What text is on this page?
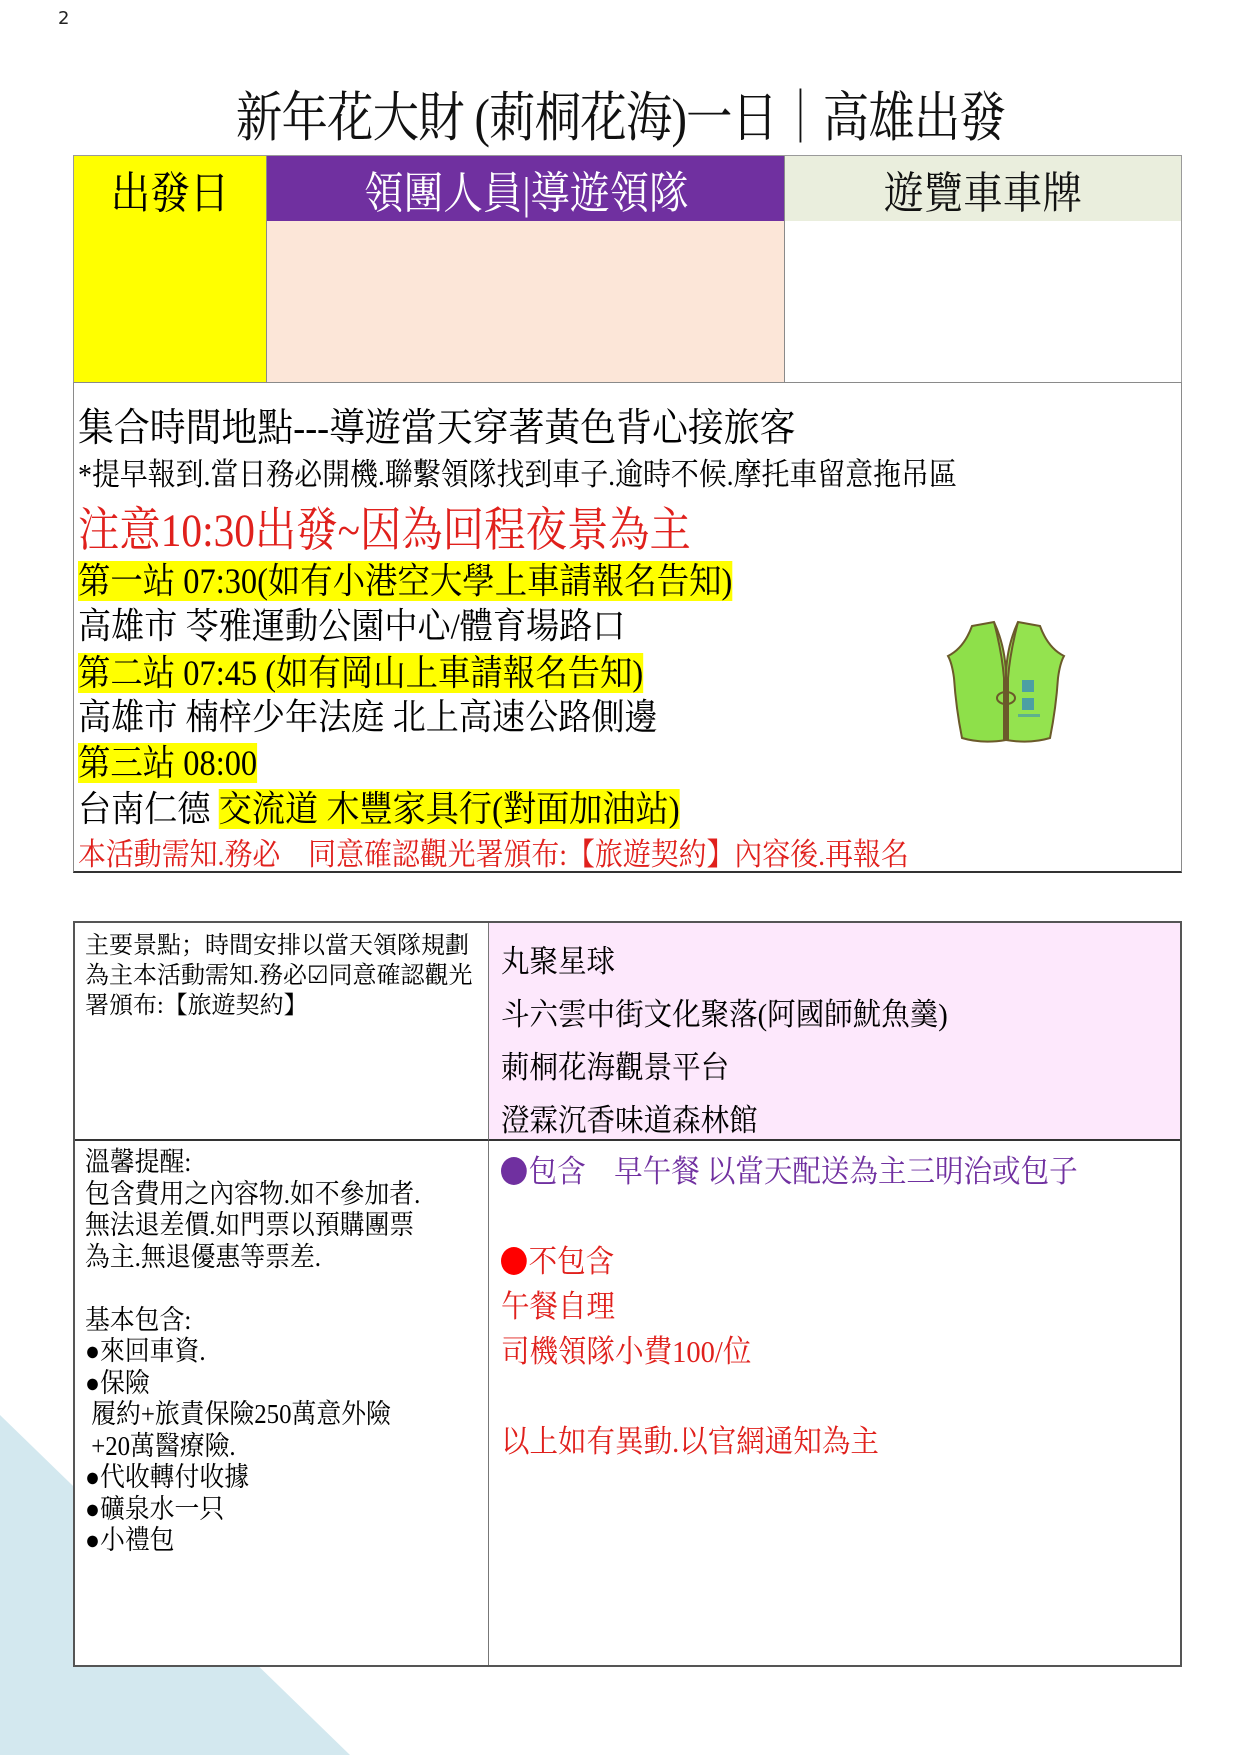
2
新年花大財 (莿桐花海)一日｜高雄出發
出發日	領團人員|導遊領隊	遊覽車車牌
集合時間地點---導遊當天穿著黃色背心接旅客
*提早報到.當日務必開機.聯繫領隊找到車子.逾時不候.摩托車留意拖吊區
注意10:30出發~因為回程夜景為主
第一站 07:30(如有小港空大學上車請報名告知)
高雄市 苓雅運動公園中心/體育場路口
第二站 07:45 (如有岡山上車請報名告知)
高雄市 楠梓少年法庭 北上高速公路側邊
第三站 08:00
台南仁德 交流道 木豐家具行(對面加油站)
本活動需知.務必　同意確認觀光署頒布:【旅遊契約】內容後.再報名
主要景點；時間安排以當天領隊規劃為主本活動需知.務必☑同意確認觀光署頒布:【旅遊契約】
丸聚星球
斗六雲中街文化聚落(阿國師魷魚羹)
莿桐花海觀景平台
澄霖沉香味道森林館
溫馨提醒:
包含費用之內容物.如不參加者.
無法退差價.如門票以預購團票
為主.無退優惠等票差.
基本包含:
●來回車資.
●保險
履約+旅責保險250萬意外險
+20萬醫療險.
●代收轉付收據
●礦泉水一只
●小禮包
包含　早午餐 以當天配送為主三明治或包子
不包含
午餐自理
司機領隊小費100/位
以上如有異動.以官網通知為主
